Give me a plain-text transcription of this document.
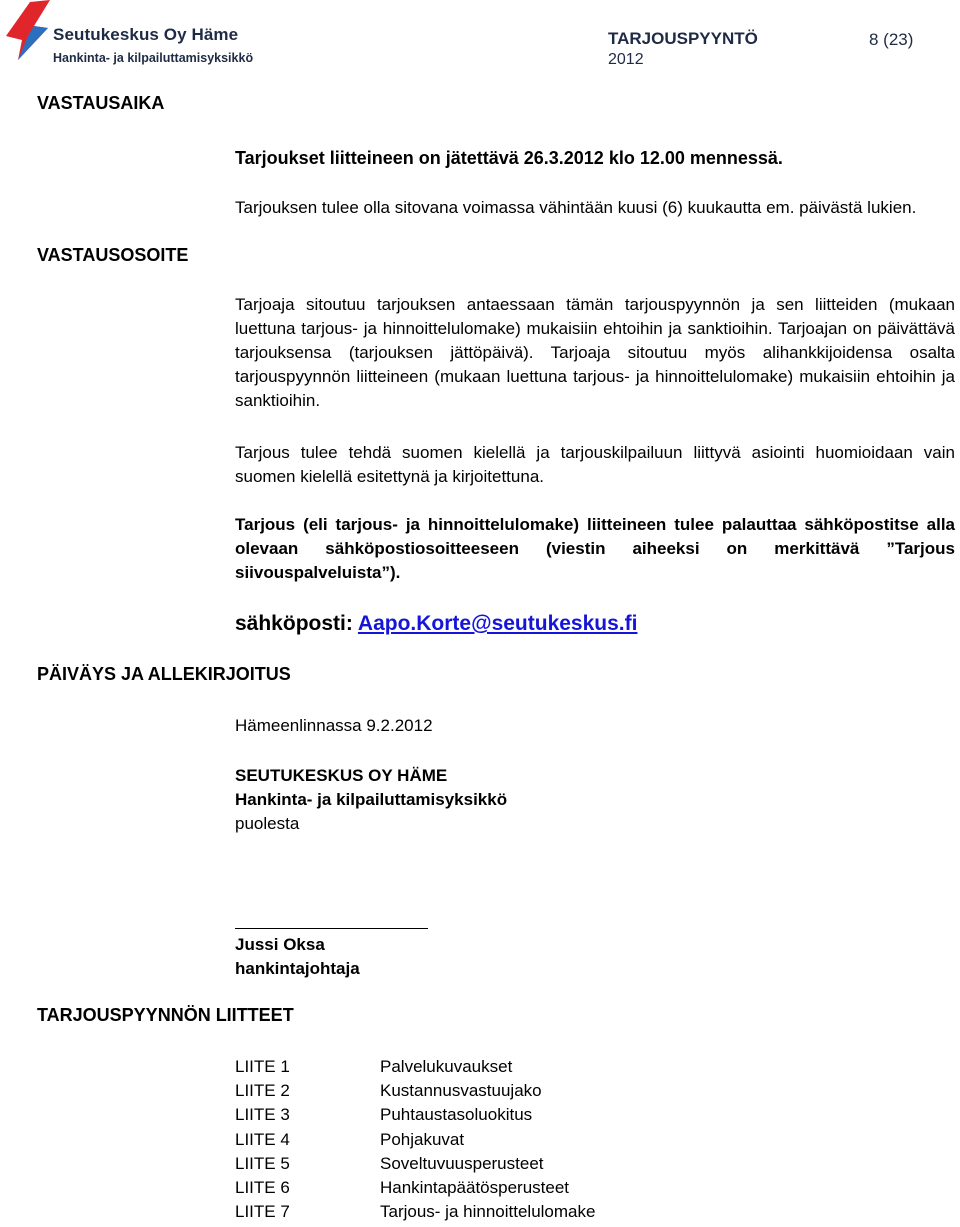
Seutukeskus Oy Häme
Hankinta- ja kilpailuttamisyksikkö
TARJOUSPYYNTÖ
2012
8 (23)
VASTAUSAIKA
Tarjoukset liitteineen on jätettävä 26.3.2012 klo 12.00 mennessä.
Tarjouksen tulee olla sitovana voimassa vähintään kuusi (6) kuukautta em. päivästä lukien.
VASTAUSOSOITE
Tarjoaja sitoutuu tarjouksen antaessaan tämän tarjouspyynnön ja sen liitteiden (mukaan luettuna tarjous- ja hinnoittelulomake) mukaisiin ehtoihin ja sanktioihin. Tarjoajan on päivättävä tarjouksensa (tarjouksen jättöpäivä). Tarjoaja sitoutuu myös alihankkijoidensa osalta tarjouspyynnön liitteineen (mukaan luettuna tarjous- ja hinnoittelulomake) mukaisiin ehtoihin ja sanktioihin.
Tarjous tulee tehdä suomen kielellä ja tarjouskilpailuun liittyvä asiointi huomioidaan vain suomen kielellä esitettynä ja kirjoitettuna.
Tarjous (eli tarjous- ja hinnoittelulomake) liitteineen tulee palauttaa sähköpostitse alla olevaan sähköpostiosoitteeseen (viestin aiheeksi on merkittävä ”Tarjous siivouspalveluista”).
sähköposti: Aapo.Korte@seutukeskus.fi
PÄIVÄYS JA ALLEKIRJOITUS
Hämeenlinnassa 9.2.2012
SEUTUKESKUS OY HÄME
Hankinta- ja kilpailuttamisyksikkö
puolesta
Jussi Oksa
hankintajohtaja
TARJOUSPYYNNÖN LIITTEET
LIITE 1	Palvelukuvaukset
LIITE 2	Kustannusvastuujako
LIITE 3	Puhtaustasoluokitus
LIITE 4	Pohjakuvat
LIITE 5	Soveltuvuusperusteet
LIITE 6	Hankintapäätösperusteet
LIITE 7	Tarjous- ja hinnoittelulomake
